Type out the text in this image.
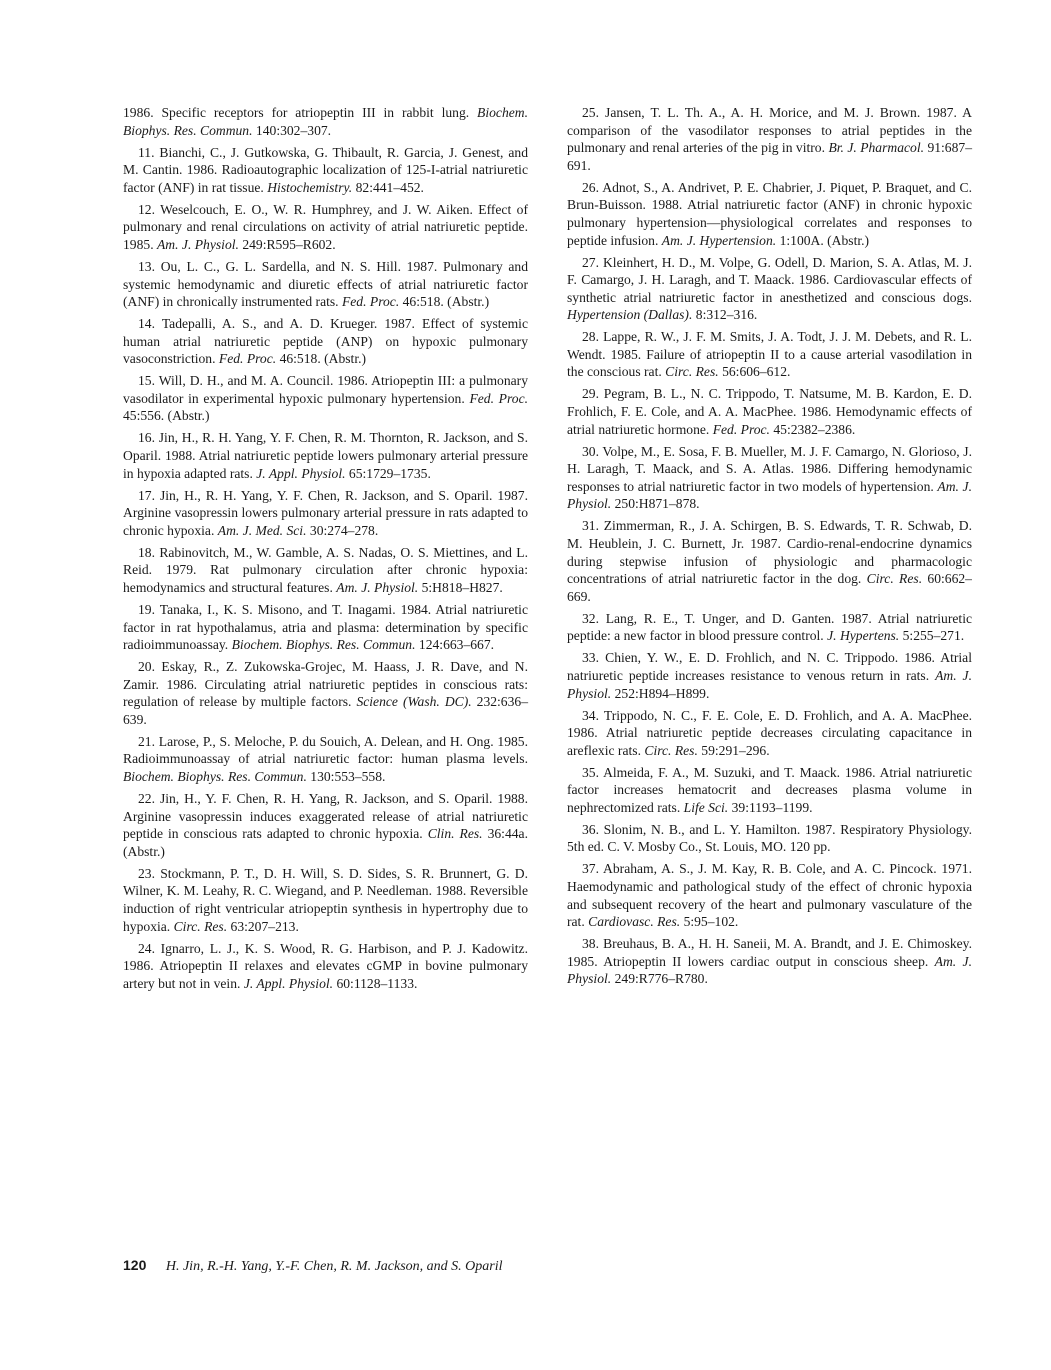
1986. Specific receptors for atriopeptin III in rabbit lung. Biochem. Biophys. Res. Commun. 140:302–307.

11. Bianchi, C., J. Gutkowska, G. Thibault, R. Garcia, J. Genest, and M. Cantin. 1986. Radioautographic localization of 125-I-atrial natriuretic factor (ANF) in rat tissue. Histochemistry. 82:441–452.

12. Weselcouch, E. O., W. R. Humphrey, and J. W. Aiken. Effect of pulmonary and renal circulations on activity of atrial natriuretic peptide. 1985. Am. J. Physiol. 249:R595–R602.

13. Ou, L. C., G. L. Sardella, and N. S. Hill. 1987. Pulmonary and systemic hemodynamic and diuretic effects of atrial natriuretic factor (ANF) in chronically instrumented rats. Fed. Proc. 46:518. (Abstr.)

14. Tadepalli, A. S., and A. D. Krueger. 1987. Effect of systemic human atrial natriuretic peptide (ANP) on hypoxic pulmonary vasoconstriction. Fed. Proc. 46:518. (Abstr.)

15. Will, D. H., and M. A. Council. 1986. Atriopeptin III: a pulmonary vasodilator in experimental hypoxic pulmonary hypertension. Fed. Proc. 45:556. (Abstr.)

16. Jin, H., R. H. Yang, Y. F. Chen, R. M. Thornton, R. Jackson, and S. Oparil. 1988. Atrial natriuretic peptide lowers pulmonary arterial pressure in hypoxia adapted rats. J. Appl. Physiol. 65:1729–1735.

17. Jin, H., R. H. Yang, Y. F. Chen, R. Jackson, and S. Oparil. 1987. Arginine vasopressin lowers pulmonary arterial pressure in rats adapted to chronic hypoxia. Am. J. Med. Sci. 30:274–278.

18. Rabinovitch, M., W. Gamble, A. S. Nadas, O. S. Miettines, and L. Reid. 1979. Rat pulmonary circulation after chronic hypoxia: hemodynamics and structural features. Am. J. Physiol. 5:H818–H827.

19. Tanaka, I., K. S. Misono, and T. Inagami. 1984. Atrial natriuretic factor in rat hypothalamus, atria and plasma: determination by specific radioimmunoassay. Biochem. Biophys. Res. Commun. 124:663–667.

20. Eskay, R., Z. Zukowska-Grojec, M. Haass, J. R. Dave, and N. Zamir. 1986. Circulating atrial natriuretic peptides in conscious rats: regulation of release by multiple factors. Science (Wash. DC). 232:636–639.

21. Larose, P., S. Meloche, P. du Souich, A. Delean, and H. Ong. 1985. Radioimmunoassay of atrial natriuretic factor: human plasma levels. Biochem. Biophys. Res. Commun. 130:553–558.

22. Jin, H., Y. F. Chen, R. H. Yang, R. Jackson, and S. Oparil. 1988. Arginine vasopressin induces exaggerated release of atrial natriuretic peptide in conscious rats adapted to chronic hypoxia. Clin. Res. 36:44a. (Abstr.)

23. Stockmann, P. T., D. H. Will, S. D. Sides, S. R. Brunnert, G. D. Wilner, K. M. Leahy, R. C. Wiegand, and P. Needleman. 1988. Reversible induction of right ventricular atriopeptin synthesis in hypertrophy due to hypoxia. Circ. Res. 63:207–213.

24. Ignarro, L. J., K. S. Wood, R. G. Harbison, and P. J. Kadowitz. 1986. Atriopeptin II relaxes and elevates cGMP in bovine pulmonary artery but not in vein. J. Appl. Physiol. 60:1128–1133.

25. Jansen, T. L. Th. A., A. H. Morice, and M. J. Brown. 1987. A comparison of the vasodilator responses to atrial peptides in the pulmonary and renal arteries of the pig in vitro. Br. J. Pharmacol. 91:687–691.

26. Adnot, S., A. Andrivet, P. E. Chabrier, J. Piquet, P. Braquet, and C. Brun-Buisson. 1988. Atrial natriuretic factor (ANF) in chronic hypoxic pulmonary hypertension—physiological correlates and responses to peptide infusion. Am. J. Hypertension. 1:100A. (Abstr.)

27. Kleinhert, H. D., M. Volpe, G. Odell, D. Marion, S. A. Atlas, M. J. F. Camargo, J. H. Laragh, and T. Maack. 1986. Cardiovascular effects of synthetic atrial natriuretic factor in anesthetized and conscious dogs. Hypertension (Dallas). 8:312–316.

28. Lappe, R. W., J. F. M. Smits, J. A. Todt, J. J. M. Debets, and R. L. Wendt. 1985. Failure of atriopeptin II to a cause arterial vasodilation in the conscious rat. Circ. Res. 56:606–612.

29. Pegram, B. L., N. C. Trippodo, T. Natsume, M. B. Kardon, E. D. Frohlich, F. E. Cole, and A. A. MacPhee. 1986. Hemodynamic effects of atrial natriuretic hormone. Fed. Proc. 45:2382–2386.

30. Volpe, M., E. Sosa, F. B. Mueller, M. J. F. Camargo, N. Glorioso, J. H. Laragh, T. Maack, and S. A. Atlas. 1986. Differing hemodynamic responses to atrial natriuretic factor in two models of hypertension. Am. J. Physiol. 250:H871–878.

31. Zimmerman, R., J. A. Schirgen, B. S. Edwards, T. R. Schwab, D. M. Heublein, J. C. Burnett, Jr. 1987. Cardio-renal-endocrine dynamics during stepwise infusion of physiologic and pharmacologic concentrations of atrial natriuretic factor in the dog. Circ. Res. 60:662–669.

32. Lang, R. E., T. Unger, and D. Ganten. 1987. Atrial natriuretic peptide: a new factor in blood pressure control. J. Hypertens. 5:255–271.

33. Chien, Y. W., E. D. Frohlich, and N. C. Trippodo. 1986. Atrial natriuretic peptide increases resistance to venous return in rats. Am. J. Physiol. 252:H894–H899.

34. Trippodo, N. C., F. E. Cole, E. D. Frohlich, and A. A. MacPhee. 1986. Atrial natriuretic peptide decreases circulating capacitance in areflexic rats. Circ. Res. 59:291–296.

35. Almeida, F. A., M. Suzuki, and T. Maack. 1986. Atrial natriuretic factor increases hematocrit and decreases plasma volume in nephrectomized rats. Life Sci. 39:1193–1199.

36. Slonim, N. B., and L. Y. Hamilton. 1987. Respiratory Physiology. 5th ed. C. V. Mosby Co., St. Louis, MO. 120 pp.

37. Abraham, A. S., J. M. Kay, R. B. Cole, and A. C. Pincock. 1971. Haemodynamic and pathological study of the effect of chronic hypoxia and subsequent recovery of the heart and pulmonary vasculature of the rat. Cardiovasc. Res. 5:95–102.

38. Breuhaus, B. A., H. H. Saneii, M. A. Brandt, and J. E. Chimoskey. 1985. Atriopeptin II lowers cardiac output in conscious sheep. Am. J. Physiol. 249:R776–R780.

120 H. Jin, R.-H. Yang, Y.-F. Chen, R. M. Jackson, and S. Oparil
